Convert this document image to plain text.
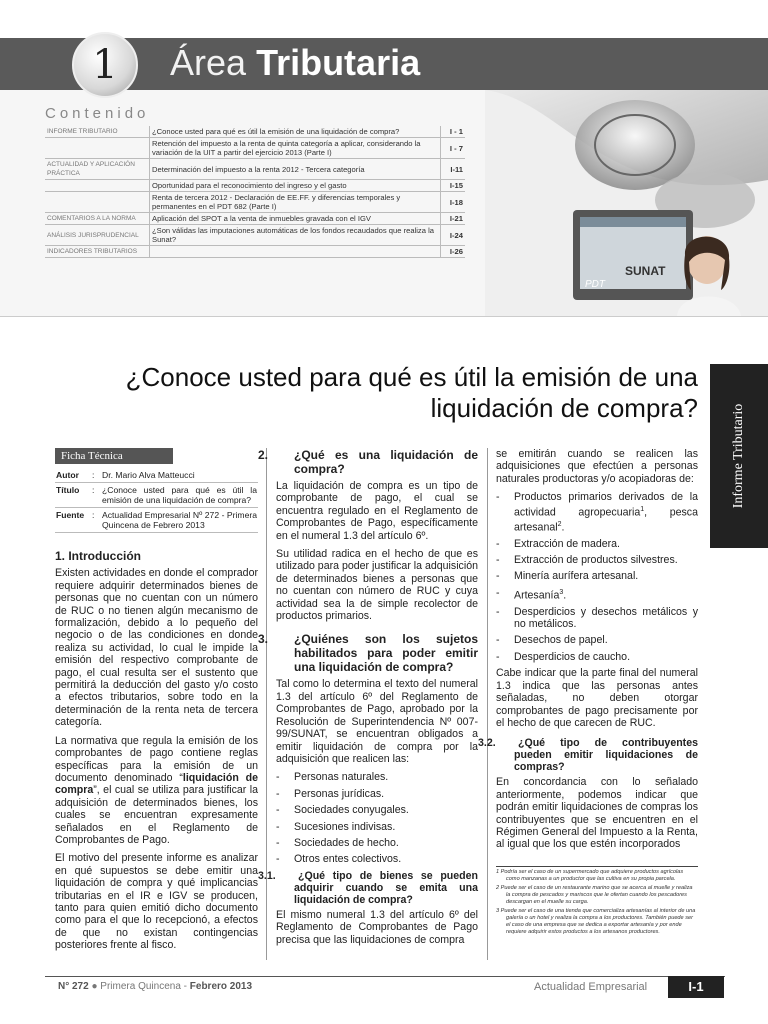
1 Área Tributaria
SUNAT
PDT
Contenido
INFORME TRIBUTARIO	¿Conoce usted para qué es útil la emisión de una liquidación de compra?	I - 1
	Retención del impuesto a la renta de quinta categoría a aplicar, considerando la variación de la UIT a partir del ejercicio 2013 (Parte I)	I - 7
ACTUALIDAD Y APLICACIÓN PRÁCTICA	Determinación del impuesto a la renta 2012 - Tercera categoría	I-11
	Oportunidad para el reconocimiento del ingreso y el gasto	I-15
	Renta de tercera 2012 - Declaración de EE.FF. y diferencias temporales y permanentes en el PDT 682 (Parte I)	I-18
COMENTARIOS A LA NORMA	Aplicación del SPOT a la venta de inmuebles gravada con el IGV	I-21
ANÁLISIS JURISPRUDENCIAL	¿Son válidas las imputaciones automáticas de los fondos recaudados que realiza la Sunat?	I-24
INDICADORES TRIBUTARIOS		I-26
Informe Tributario
¿Conoce usted para qué es útil la emisión de una liquidación de compra?
Ficha Técnica
Autor	:	Dr. Mario Alva Matteucci
Título	:	¿Conoce usted para qué es útil la emisión de una liquidación de compra?
Fuente	:	Actualidad Empresarial Nº 272 - Primera Quincena de Febrero 2013
1. Introducción

Existen actividades en donde el comprador requiere adquirir determinados bienes de personas que no cuentan con un número de RUC o no tienen algún mecanismo de formalización, debido a lo pequeño del negocio o de las condiciones en donde realiza su actividad, lo cual le impide la emisión del respectivo comprobante de pago, el cual resulta ser el sustento que permitirá la deducción del gasto y/o costo a efectos tributarios, sobre todo en la determinación de la renta neta de tercera categoría.

La normativa que regula la emisión de los comprobantes de pago contiene reglas específicas para la emisión de un documento denominado “liquidación de compra”, el cual se utiliza para justificar la adquisición de determinados bienes, los cuales se encuentran expresamente señalados en el Reglamento de Comprobantes de Pago.

El motivo del presente informe es analizar en qué supuestos se debe emitir una liquidación de compra y qué implicancias tributarias en el IR e IGV se producen, tanto para quien emitió dicho documento como para el que lo recepcionó, a efectos de que no existan contingencias posteriores frente al fisco.

2. ¿Qué es una liquidación de compra?

La liquidación de compra es un tipo de comprobante de pago, el cual se encuentra regulado en el Reglamento de Comprobantes de Pago, específicamente en el numeral 1.3 del artículo 6º.

Su utilidad radica en el hecho de que es utilizado para poder justificar la adquisición de determinados bienes a personas que no cuentan con número de RUC y cuya actividad sea la de simple recolector de productos primarios.

3. ¿Quiénes son los sujetos habilitados para poder emitir una liquidación de compra?

Tal como lo determina el texto del numeral 1.3 del artículo 6º del Reglamento de Comprobantes de Pago, aprobado por la Resolución de Superintendencia Nº 007-99/SUNAT, se encuentran obligados a emitir liquidación de compra por la adquisición que realicen las:

- Personas naturales.
- Personas jurídicas.
- Sociedades conyugales.
- Sucesiones indivisas.
- Sociedades de hecho.
- Otros entes colectivos.
3.1. ¿Qué tipo de bienes se pueden adquirir cuando se emita una liquidación de compra?

El mismo numeral 1.3 del artículo 6º del Reglamento de Comprobantes de Pago precisa que las liquidaciones de compra

se emitirán cuando se realicen las adquisiciones que efectúen a personas naturales productoras y/o acopiadoras de:

- Productos primarios derivados de la actividad agropecuaria$^1$, pesca artesanal$^2$.
- Extracción de madera.
- Extracción de productos silvestres.
- Minería aurífera artesanal.
- Artesanía$^3$.
- Desperdicios y desechos metálicos y no metálicos.
- Desechos de papel.
- Desperdicios de caucho.

Cabe indicar que la parte final del numeral 1.3 indica que las personas antes señaladas, no deben otorgar comprobantes de pago precisamente por el hecho de que carecen de RUC.

3.2. ¿Qué tipo de contribuyentes pueden emitir liquidaciones de compras?

En concordancia con lo señalado anteriormente, podemos indicar que podrán emitir liquidaciones de compras los contribuyentes que se encuentren en el Régimen General del Impuesto a la Renta, al igual que los que estén incorporados

1 Podría ser el caso de un supermercado que adquiere productos agrícolas como manzanas a un productor que las cultiva en su propia parcela.
2 Puede ser el caso de un restaurante marino que se acerca al muelle y realiza la compra de pescados y mariscos que le ofertan cuando los pescadores descargan en el muelle su carga.
3 Puede ser el caso de una tienda que comercializa artesanías al interior de una galería o un hotel y realiza la compra a los productores. También puede ser el caso de una empresa que se dedica a exportar artesanía y por ende requiere adquirir estos productos a los artesanos productores.
N° 272 ● Primera Quincena - Febrero 2013	Actualidad Empresarial	I-1
